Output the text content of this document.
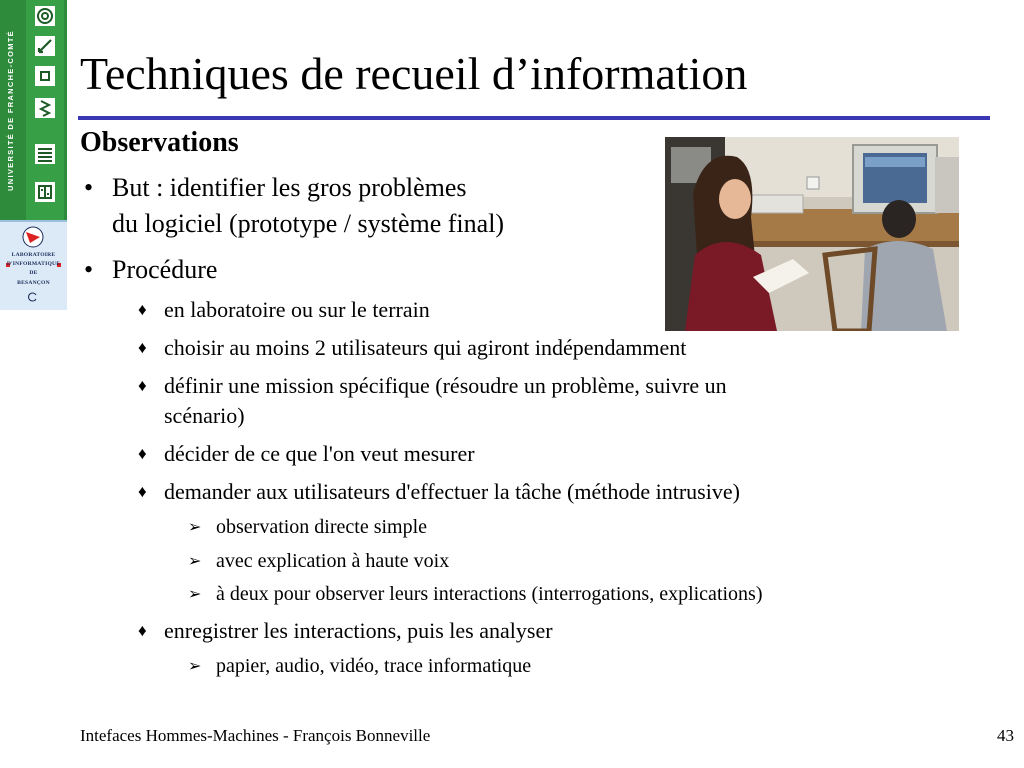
UNIVERSITÉ DE FRANCHE-COMTÉ
LABORATOIRE
D'INFORMATIQUE
DE
BESANÇON
Techniques de recueil d’information
Observations
• But : identifier les gros problèmes
du logiciel (prototype / système final)
• Procédure
♦ en laboratoire ou sur le terrain
♦ choisir au moins 2 utilisateurs qui agiront indépendamment
♦ définir une mission spécifique (résoudre un problème, suivre un
scénario)
♦ décider de ce que l'on veut mesurer
♦ demander aux utilisateurs d'effectuer la tâche (méthode intrusive)
➢ observation directe simple
➢ avec explication à haute voix
➢ à deux pour observer leurs interactions (interrogations, explications)
♦ enregistrer les interactions, puis les analyser
➢ papier, audio, vidéo, trace informatique
Intefaces Hommes-Machines - François Bonneville	43
